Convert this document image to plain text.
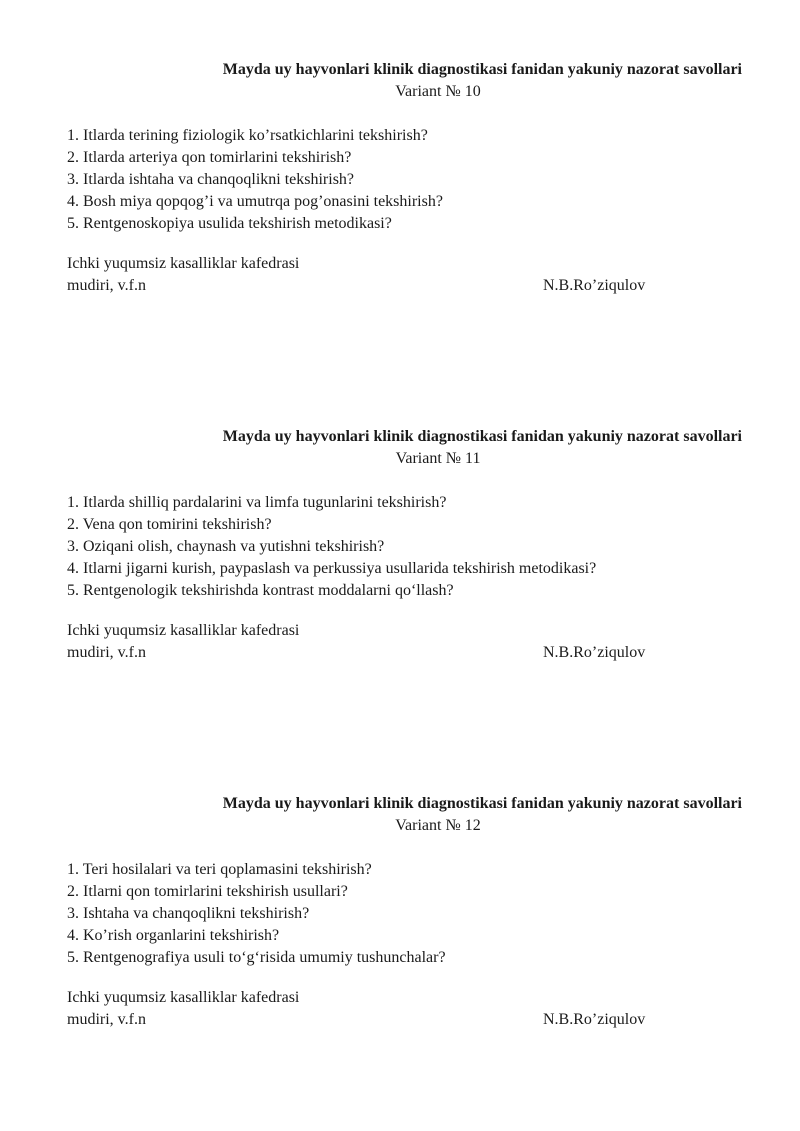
Mayda uy hayvonlari klinik diagnostikasi fanidan yakuniy nazorat savollari
Variant № 10
1. Itlarda terining fiziologik ko’rsatkichlarini tekshirish?
2. Itlarda arteriya qon tomirlarini tekshirish?
3. Itlarda ishtaha va chanqoqlikni tekshirish?
4. Bosh miya qopqog’i va umutrqa pog’onasini tekshirish?
5. Rentgenoskopiya usulida tekshirish metodikasi?
Ichki yuqumsiz kasalliklar kafedrasi
mudiri, v.f.n	N.B.Ro’ziqulov
Mayda uy hayvonlari klinik diagnostikasi fanidan yakuniy nazorat savollari
Variant № 11
1. Itlarda shilliq pardalarini va limfa tugunlarini tekshirish?
2. Vena qon tomirini tekshirish?
3. Oziqani olish, chaynash va yutishni tekshirish?
4. Itlarni jigarni kurish, paypaslash va perkussiya usullarida tekshirish metodikasi?
5. Rentgenologik tekshirishda kontrast moddalarni qo‘llash?
Ichki yuqumsiz kasalliklar kafedrasi
mudiri, v.f.n	N.B.Ro’ziqulov
Mayda uy hayvonlari klinik diagnostikasi fanidan yakuniy nazorat savollari
Variant № 12
1. Teri hosilalari va teri qoplamasini tekshirish?
2. Itlarni qon tomirlarini tekshirish usullari?
3. Ishtaha va chanqoqlikni tekshirish?
4. Ko’rish organlarini tekshirish?
5. Rentgenografiya usuli to‘g‘risida umumiy tushunchalar?
Ichki yuqumsiz kasalliklar kafedrasi
mudiri, v.f.n	N.B.Ro’ziqulov
